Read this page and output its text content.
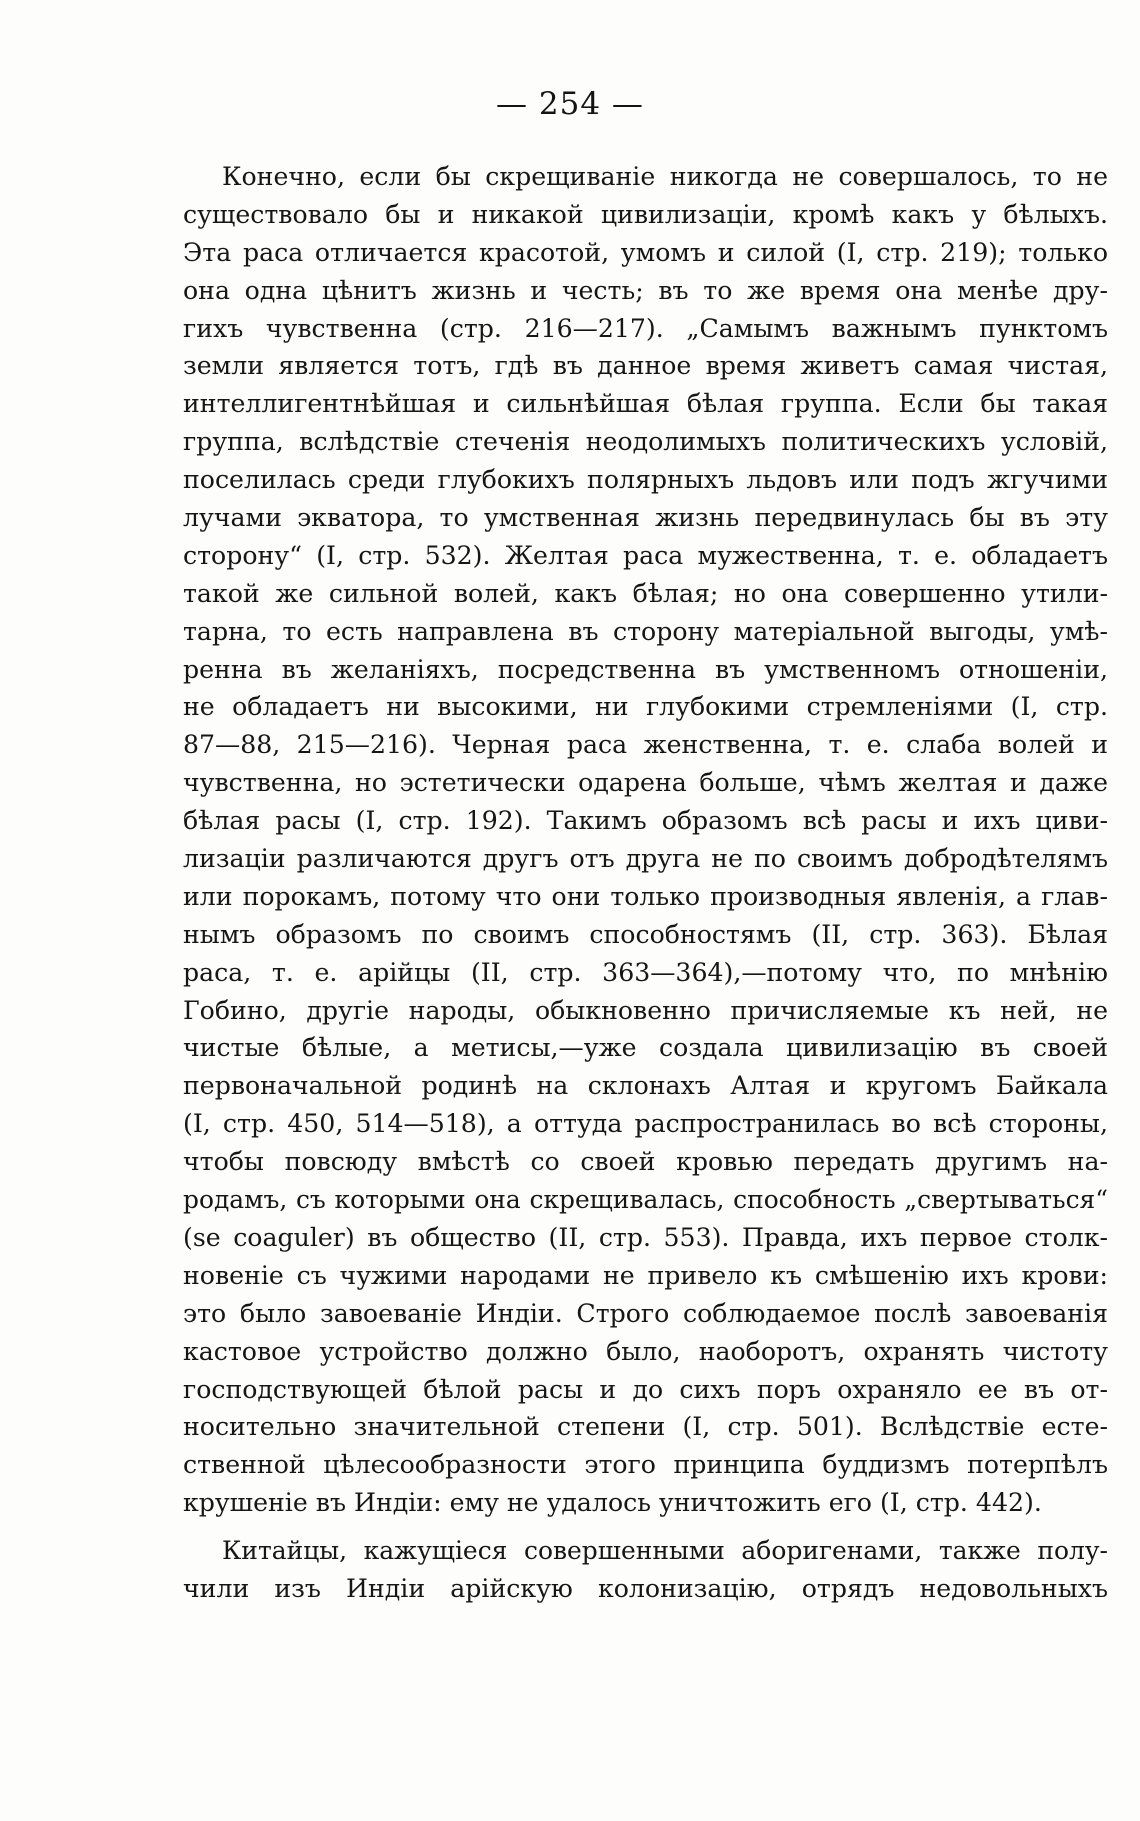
— 254 —
Конечно, если бы скрещиваніе никогда не совершалось, то не
существовало бы и никакой цивилизаціи, кромѣ какъ у бѣлыхъ.
Эта раса отличается красотой, умомъ и силой (I, стр. 219); только
она одна цѣнитъ жизнь и честь; въ то же время она менѣе дру-
гихъ чувственна (стр. 216—217). „Самымъ важнымъ пунктомъ
земли является тотъ, гдѣ въ данное время живетъ самая чистая,
интеллигентнѣйшая и сильнѣйшая бѣлая группа. Если бы такая
группа, вслѣдствіе стеченія неодолимыхъ политическихъ условій,
поселилась среди глубокихъ полярныхъ льдовъ или подъ жгучими
лучами экватора, то умственная жизнь передвинулась бы въ эту
сторону“ (I, стр. 532). Желтая раса мужественна, т. е. обладаетъ
такой же сильной волей, какъ бѣлая; но она совершенно утили-
тарна, то есть направлена въ сторону матеріальной выгоды, умѣ-
ренна въ желаніяхъ, посредственна въ умственномъ отношеніи,
не обладаетъ ни высокими, ни глубокими стремленіями (I, стр.
87—88, 215—216). Черная раса женственна, т. е. слаба волей и
чувственна, но эстетически одарена больше, чѣмъ желтая и даже
бѣлая расы (I, стр. 192). Такимъ образомъ всѣ расы и ихъ циви-
лизаціи различаются другъ отъ друга не по своимъ добродѣтелямъ
или порокамъ, потому что они только производныя явленія, а глав-
нымъ образомъ по своимъ способностямъ (II, стр. 363). Бѣлая
раса, т. е. арійцы (II, стр. 363—364),—потому что, по мнѣнію
Гобино, другіе народы, обыкновенно причисляемые къ ней, не
чистые бѣлые, а метисы,—уже создала цивилизацію въ своей
первоначальной родинѣ на склонахъ Алтая и кругомъ Байкала
(I, стр. 450, 514—518), а оттуда распространилась во всѣ стороны,
чтобы повсюду вмѣстѣ со своей кровью передать другимъ на-
родамъ, съ которыми она скрещивалась, способность „свертываться“
(se coaguler) въ общество (II, стр. 553). Правда, ихъ первое столк-
новеніе съ чужими народами не привело къ смѣшенію ихъ крови:
это было завоеваніе Индіи. Строго соблюдаемое послѣ завоеванія
кастовое устройство должно было, наоборотъ, охранять чистоту
господствующей бѣлой расы и до сихъ поръ охраняло ее въ от-
носительно значительной степени (I, стр. 501). Вслѣдствіе есте-
ственной цѣлесообразности этого принципа буддизмъ потерпѣлъ
крушеніе въ Индіи: ему не удалось уничтожить его (I, стр. 442).
Китайцы, кажущіеся совершенными аборигенами, также полу-
чили изъ Индіи арійскую колонизацію, отрядъ недовольныхъ
